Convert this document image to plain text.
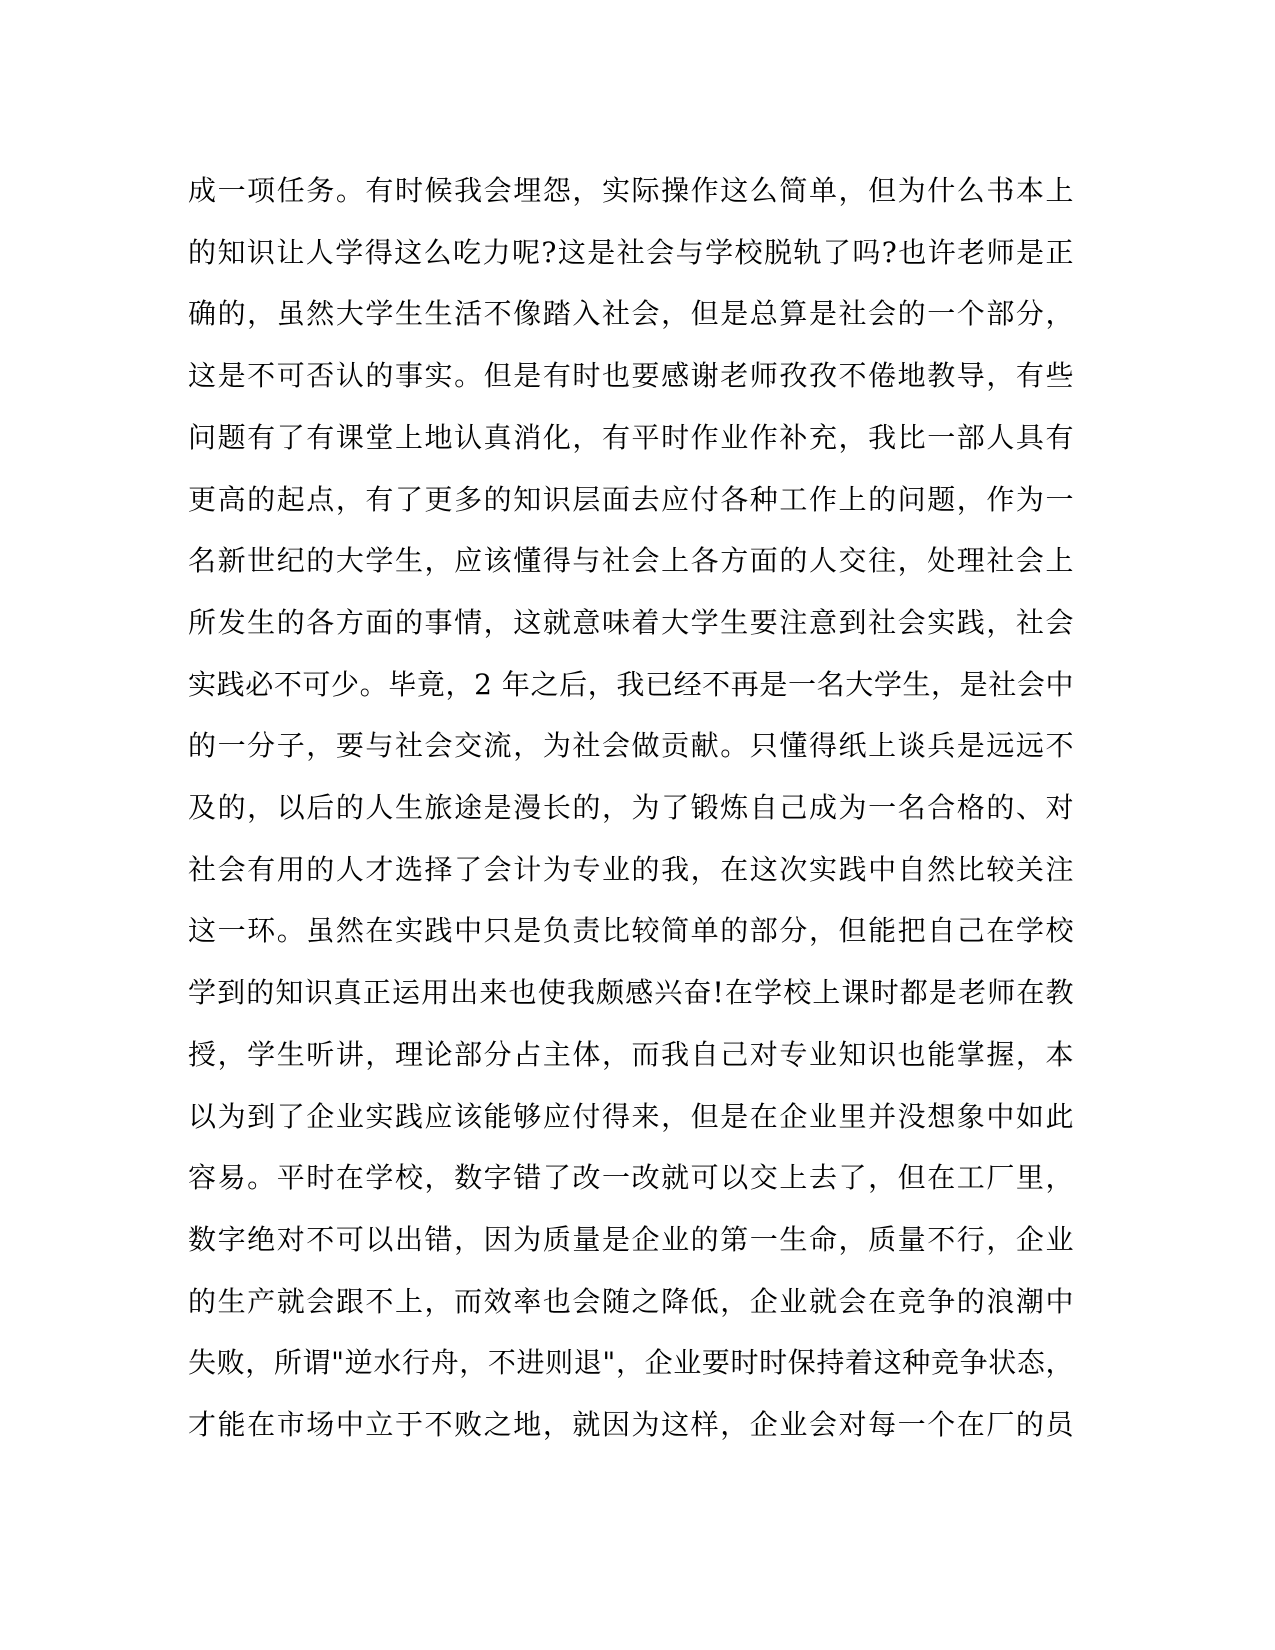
成一项任务。有时候我会埋怨，实际操作这么简单，但为什么书本上
的知识让人学得这么吃力呢?这是社会与学校脱轨了吗?也许老师是正
确的，虽然大学生生活不像踏入社会，但是总算是社会的一个部分，
这是不可否认的事实。但是有时也要感谢老师孜孜不倦地教导，有些
问题有了有课堂上地认真消化，有平时作业作补充，我比一部人具有
更高的起点，有了更多的知识层面去应付各种工作上的问题，作为一
名新世纪的大学生，应该懂得与社会上各方面的人交往，处理社会上
所发生的各方面的事情，这就意味着大学生要注意到社会实践，社会
实践必不可少。毕竟，2 年之后，我已经不再是一名大学生，是社会中
的一分子，要与社会交流，为社会做贡献。只懂得纸上谈兵是远远不
及的，以后的人生旅途是漫长的，为了锻炼自己成为一名合格的、对
社会有用的人才选择了会计为专业的我，在这次实践中自然比较关注
这一环。虽然在实践中只是负责比较简单的部分，但能把自己在学校
学到的知识真正运用出来也使我颇感兴奋!在学校上课时都是老师在教
授，学生听讲，理论部分占主体，而我自己对专业知识也能掌握，本
以为到了企业实践应该能够应付得来，但是在企业里并没想象中如此
容易。平时在学校，数字错了改一改就可以交上去了，但在工厂里，
数字绝对不可以出错，因为质量是企业的第一生命，质量不行，企业
的生产就会跟不上，而效率也会随之降低，企业就会在竞争的浪潮中
失败，所谓"逆水行舟，不进则退"，企业要时时保持着这种竞争状态，
才能在市场中立于不败之地，就因为这样，企业会对每一个在厂的员
